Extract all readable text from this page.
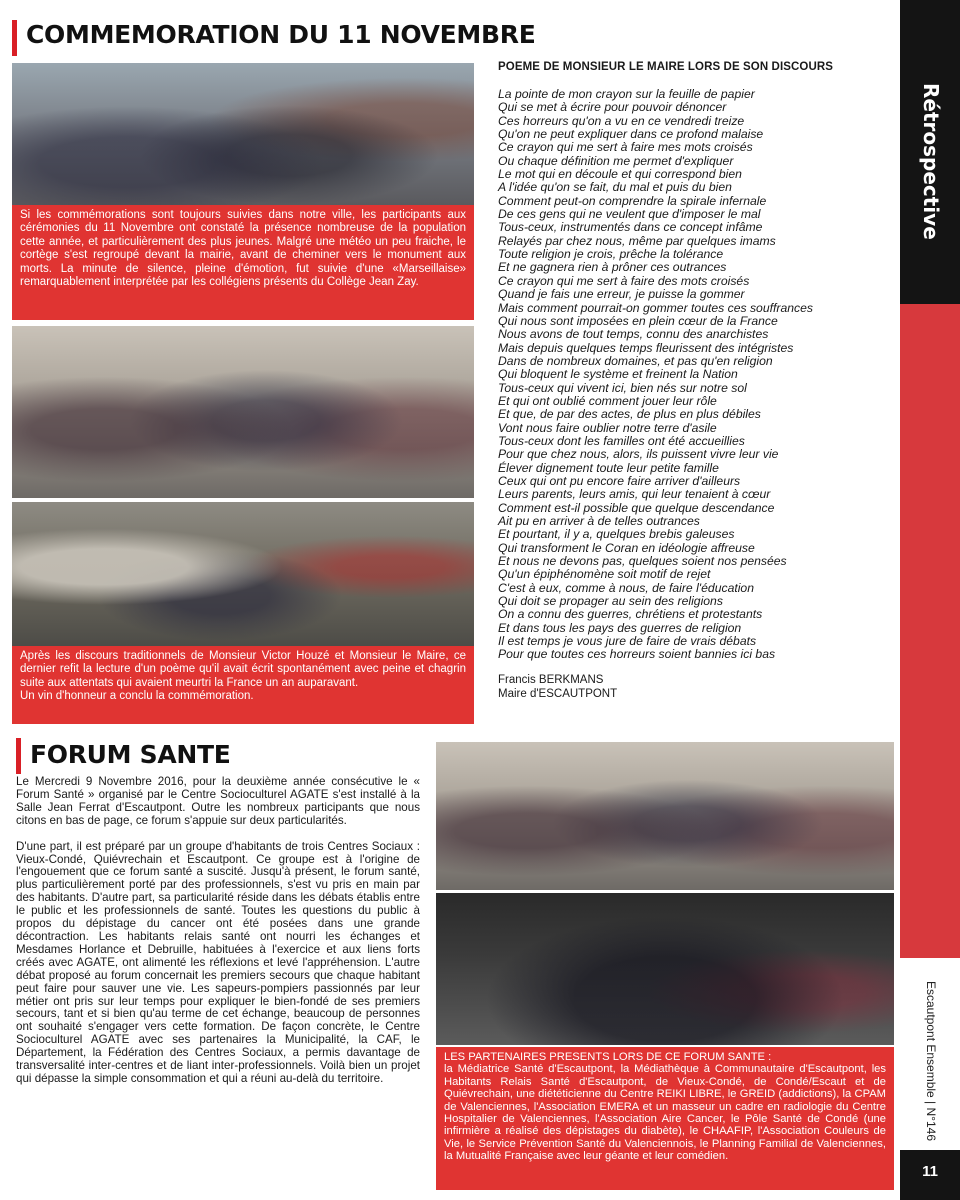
COMMEMORATION DU 11 NOVEMBRE

Si les commémorations sont toujours suivies dans notre ville, les participants aux cérémonies du 11 Novembre ont constaté la présence nombreuse de la population cette année, et particulièrement des plus jeunes. Malgré une météo un peu fraiche, le cortège s'est regroupé devant la mairie, avant de cheminer vers le monument aux morts. La minute de silence, pleine d'émotion, fut suivie d'une «Marseillaise» remarquablement interprétée par les collégiens présents du Collège Jean Zay.

Après les discours traditionnels de Monsieur Victor Houzé et Monsieur le Maire, ce dernier refit la lecture d'un poème qu'il avait écrit spontanément avec peine et chagrin suite aux attentats qui avaient meurtri la France un an auparavant.

Un vin d'honneur a conclu la commémoration.

POEME DE MONSIEUR LE MAIRE LORS DE SON DISCOURS
La pointe de mon crayon sur la feuille de papier
Qui se met à écrire pour pouvoir dénoncer
Ces horreurs qu'on a vu en ce vendredi treize
Qu'on ne peut expliquer dans ce profond malaise
Ce crayon qui me sert à faire mes mots croisés
Ou chaque définition me permet d'expliquer
Le mot qui en découle et qui correspond bien
A l'idée qu'on se fait, du mal et puis du bien
Comment peut-on comprendre la spirale infernale
De ces gens qui ne veulent que d'imposer le mal
Tous-ceux, instrumentés dans ce concept infâme
Relayés par chez nous, même par quelques imams
Toute religion je crois, prêche la tolérance
Et ne gagnera rien à prôner ces outrances
Ce crayon qui me sert à faire des mots croisés
Quand je fais une erreur, je puisse la gommer
Mais comment pourrait-on gommer toutes ces souffrances
Qui nous sont imposées en plein cœur de la France
Nous avons de tout temps, connu des anarchistes
Mais depuis quelques temps fleurissent des intégristes
Dans de nombreux domaines, et pas qu'en religion
Qui bloquent le système et freinent la Nation
Tous-ceux qui vivent ici, bien nés sur notre sol
Et qui ont oublié comment jouer leur rôle
Et que, de par des actes, de plus en plus débiles
Vont nous faire oublier notre terre d'asile
Tous-ceux dont les familles ont été accueillies
Pour que chez nous, alors, ils puissent vivre leur vie
Élever dignement toute leur petite famille
Ceux qui ont pu encore faire arriver d'ailleurs
Leurs parents, leurs amis, qui leur tenaient à cœur
Comment est-il possible que quelque descendance
Ait pu en arriver à de telles outrances
Et pourtant, il y a, quelques brebis galeuses
Qui transforment le Coran en idéologie affreuse
Et nous ne devons pas, quelques soient nos pensées
Qu'un épiphénomène soit motif de rejet
C'est à eux, comme à nous, de faire l'éducation
Qui doit se propager au sein des religions
On a connu des guerres, chrétiens et protestants
Et dans tous les pays des guerres de religion
Il est temps je vous jure de faire de vrais débats
Pour que toutes ces horreurs soient bannies ici bas
Francis BERKMANS
Maire d'ESCAUTPONT
FORUM SANTE

Le Mercredi 9 Novembre 2016, pour la deuxième année consécutive le « Forum Santé » organisé par le Centre Socioculturel AGATE s'est installé à la Salle Jean Ferrat d'Escautpont. Outre les nombreux participants que nous citons en bas de page, ce forum s'appuie sur deux particularités.

D'une part, il est préparé par un groupe d'habitants de trois Centres Sociaux : Vieux-Condé, Quiévrechain et Escautpont. Ce groupe est à l'origine de l'engouement que ce forum santé a suscité. Jusqu'à présent, le forum santé, plus particulièrement porté par des professionnels, s'est vu pris en main par des habitants. D'autre part, sa particularité réside dans les débats établis entre le public et les professionnels de santé. Toutes les questions du public à propos du dépistage du cancer ont été posées dans une grande décontraction. Les habitants relais santé ont nourri les échanges et Mesdames Horlance et Debruille, habituées à l'exercice et aux liens forts créés avec AGATE, ont alimenté les réflexions et levé l'appréhension. L'autre débat proposé au forum concernait les premiers secours que chaque habitant peut faire pour sauver une vie. Les sapeurs-pompiers passionnés par leur métier ont pris sur leur temps pour expliquer le bien-fondé de ses premiers secours, tant et si bien qu'au terme de cet échange, beaucoup de personnes ont souhaité s'engager vers cette formation. De façon concrète, le Centre Socioculturel AGATE avec ses partenaires la Municipalité, la CAF, le Département, la Fédération des Centres Sociaux, a permis davantage de transversalité inter-centres et de liant inter-professionnels. Voilà bien un projet qui dépasse la simple consommation et qui a réuni au-delà du territoire.

LES PARTENAIRES PRESENTS LORS DE CE FORUM SANTE :

la Médiatrice Santé d'Escautpont, la Médiathèque à Communautaire d'Escautpont, les Habitants Relais Santé d'Escautpont, de Vieux-Condé, de Condé/Escaut et de Quiévrechain, une diététicienne du Centre REIKI LIBRE, le GREID (addictions), la CPAM de Valenciennes, l'Association EMERA et un masseur un cadre en radiologie du Centre Hospitalier de Valenciennes, l'Association Aire Cancer, le Pôle Santé de Condé (une infirmière a réalisé des dépistages du diabète), le CHAAFIP, l'Association Couleurs de Vie, le Service Prévention Santé du Valenciennois, le Planning Familial de Valenciennes, la Mutualité Française avec leur géante et leur comédien.

Rétrospective
Escautpont Ensemble | N°146
11
